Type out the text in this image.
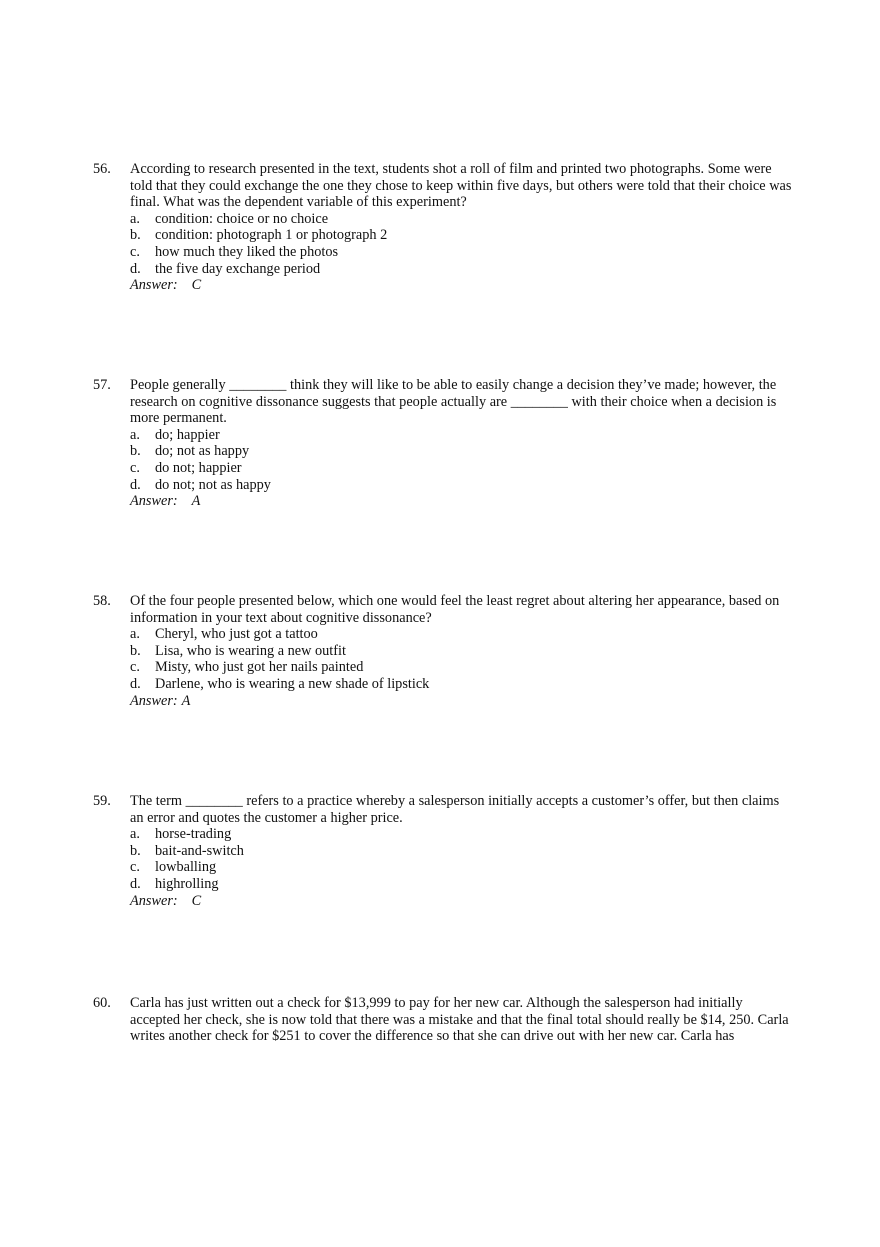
56. According to research presented in the text, students shot a roll of film and printed two photographs. Some were told that they could exchange the one they chose to keep within five days, but others were told that their choice was final. What was the dependent variable of this experiment?
a. condition: choice or no choice
b. condition: photograph 1 or photograph 2
c. how much they liked the photos
d. the five day exchange period
Answer: C
57. People generally ________ think they will like to be able to easily change a decision they’ve made; however, the research on cognitive dissonance suggests that people actually are ________ with their choice when a decision is more permanent.
a. do; happier
b. do; not as happy
c. do not; happier
d. do not; not as happy
Answer: A
58. Of the four people presented below, which one would feel the least regret about altering her appearance, based on information in your text about cognitive dissonance?
a. Cheryl, who just got a tattoo
b. Lisa, who is wearing a new outfit
c. Misty, who just got her nails painted
d. Darlene, who is wearing a new shade of lipstick
Answer: A
59. The term ________ refers to a practice whereby a salesperson initially accepts a customer’s offer, but then claims an error and quotes the customer a higher price.
a. horse-trading
b. bait-and-switch
c. lowballing
d. highrolling
Answer: C
60. Carla has just written out a check for $13,999 to pay for her new car. Although the salesperson had initially accepted her check, she is now told that there was a mistake and that the final total should really be $14, 250. Carla writes another check for $251 to cover the difference so that she can drive out with her new car. Carla has
